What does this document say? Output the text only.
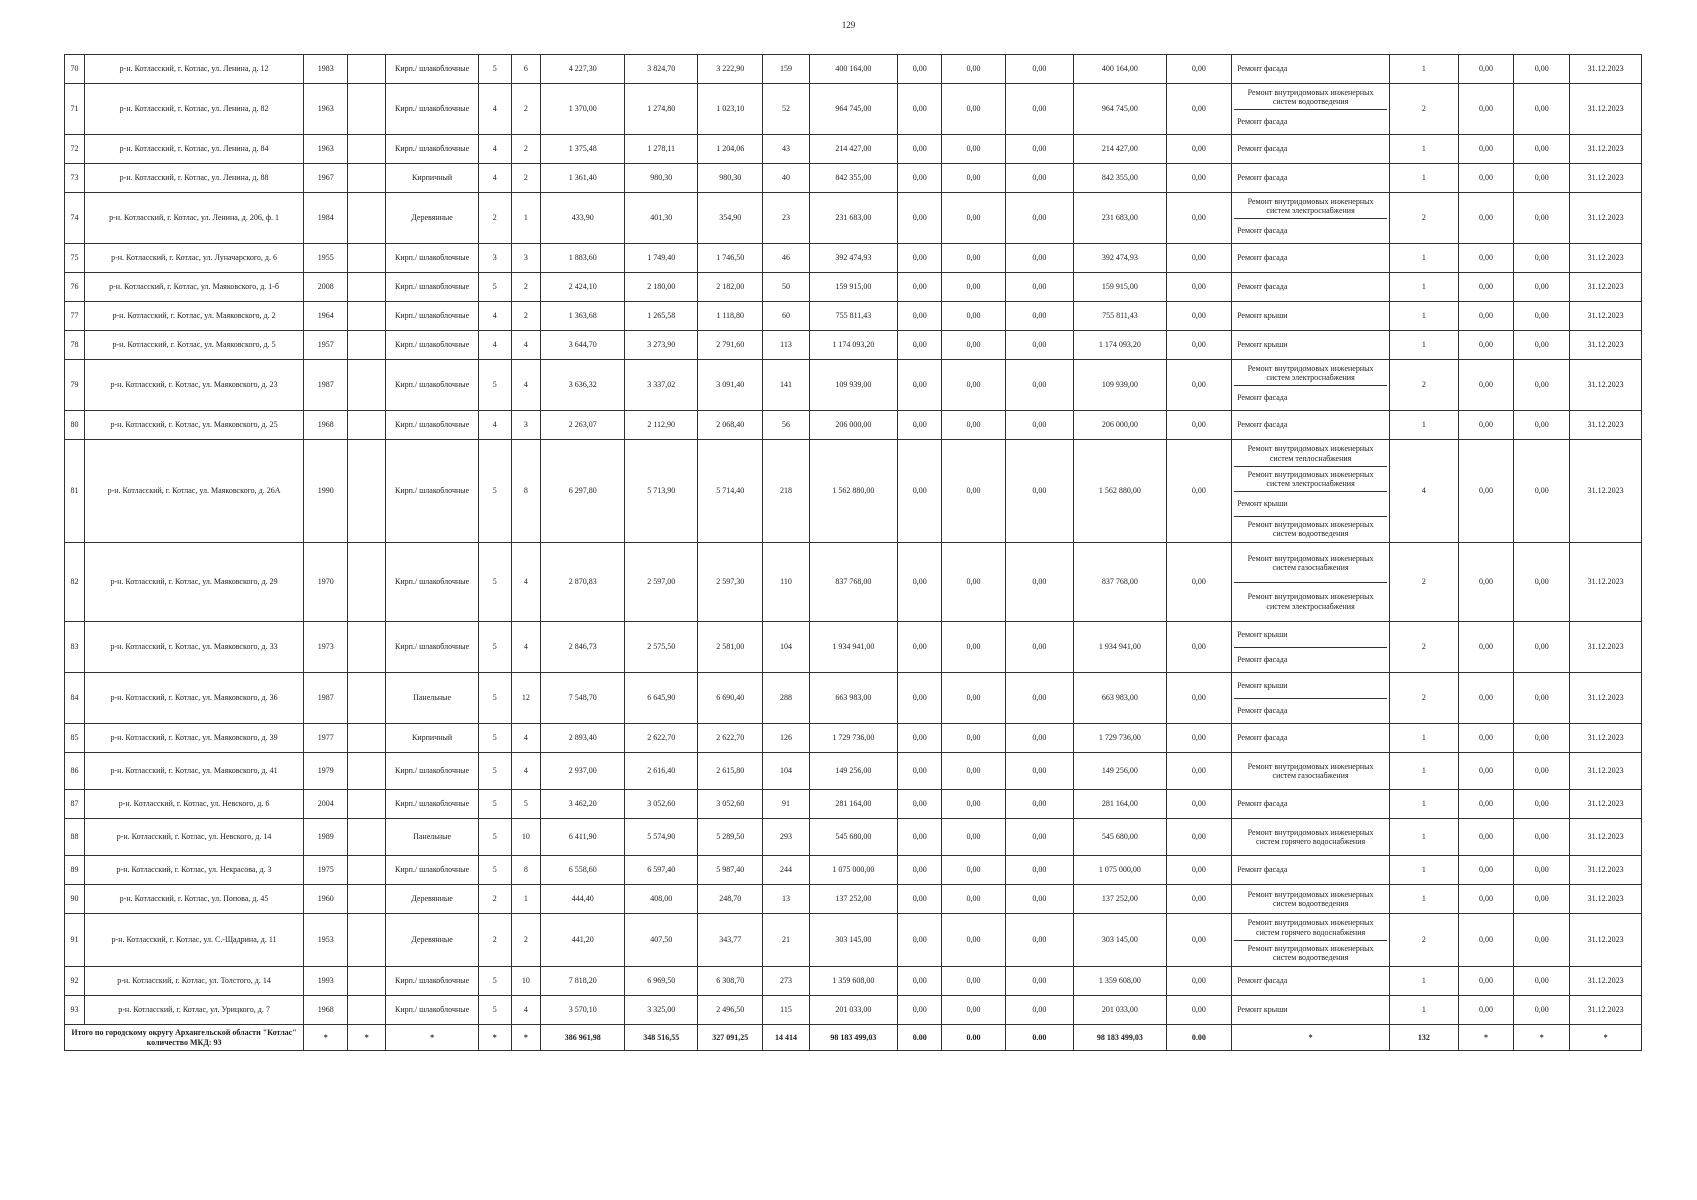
129
70	р-н. Котласский, г. Котлас, ул. Ленина, д. 12	1983		Кирп./ шлакоблочные	5	6	4 227,30	3 824,70	3 222,90	159	400 164,00	0,00	0,00	0,00	400 164,00	0,00	Ремонт фасада	1	0,00	0,00	31.12.2023
71	р-н. Котласский, г. Котлас, ул. Ленина, д. 82	1963		Кирп./ шлакоблочные	4	2	1 370,00	1 274,80	1 023,10	52	964 745,00	0,00	0,00	0,00	964 745,00	0,00	Ремонт внутридомовых инженерных систем водоотведения
Ремонт фасада	2	0,00	0,00	31.12.2023
72	р-н. Котласский, г. Котлас, ул. Ленина, д. 84	1963		Кирп./ шлакоблочные	4	2	1 375,48	1 278,11	1 204,06	43	214 427,00	0,00	0,00	0,00	214 427,00	0,00	Ремонт фасада	1	0,00	0,00	31.12.2023
73	р-н. Котласский, г. Котлас, ул. Ленина, д. 88	1967		Кирпичный	4	2	1 361,40	980,30	980,30	40	842 355,00	0,00	0,00	0,00	842 355,00	0,00	Ремонт фасада	1	0,00	0,00	31.12.2023
74	р-н. Котласский, г. Котлас, ул. Ленина, д. 206, ф. 1	1984		Деревянные	2	1	433,90	401,30	354,90	23	231 683,00	0,00	0,00	0,00	231 683,00	0,00	Ремонт внутридомовых инженерных систем электроснабжения
Ремонт фасада	2	0,00	0,00	31.12.2023
75	р-н. Котласский, г. Котлас, ул. Луначарского, д. 6	1955		Кирп./ шлакоблочные	3	3	1 883,60	1 749,40	1 746,50	46	392 474,93	0,00	0,00	0,00	392 474,93	0,00	Ремонт фасада	1	0,00	0,00	31.12.2023
76	р-н. Котласский, г. Котлас, ул. Маяковского, д. 1-б	2008		Кирп./ шлакоблочные	5	2	2 424,10	2 180,00	2 182,00	50	159 915,00	0,00	0,00	0,00	159 915,00	0,00	Ремонт фасада	1	0,00	0,00	31.12.2023
77	р-н. Котласский, г. Котлас, ул. Маяковского, д. 2	1964		Кирп./ шлакоблочные	4	2	1 363,68	1 265,58	1 118,80	60	755 811,43	0,00	0,00	0,00	755 811,43	0,00	Ремонт крыши	1	0,00	0,00	31.12.2023
78	р-н. Котласский, г. Котлас, ул. Маяковского, д. 5	1957		Кирп./ шлакоблочные	4	4	3 644,70	3 273,90	2 791,60	113	1 174 093,20	0,00	0,00	0,00	1 174 093,20	0,00	Ремонт крыши	1	0,00	0,00	31.12.2023
79	р-н. Котласский, г. Котлас, ул. Маяковского, д. 23	1987		Кирп./ шлакоблочные	5	4	3 636,32	3 337,02	3 091,40	141	109 939,00	0,00	0,00	0,00	109 939,00	0,00	Ремонт внутридомовых инженерных систем электроснабжения
Ремонт фасада	2	0,00	0,00	31.12.2023
80	р-н. Котласский, г. Котлас, ул. Маяковского, д. 25	1968		Кирп./ шлакоблочные	4	3	2 263,07	2 112,90	2 068,40	56	206 000,00	0,00	0,00	0,00	206 000,00	0,00	Ремонт фасада	1	0,00	0,00	31.12.2023
81	р-н. Котласский, г. Котлас, ул. Маяковского, д. 26А	1990		Кирп./ шлакоблочные	5	8	6 297,80	5 713,90	5 714,40	218	1 562 880,00	0,00	0,00	0,00	1 562 880,00	0,00	Ремонт внутридомовых инженерных систем теплоснабжения
Ремонт внутридомовых инженерных систем электроснабжения
Ремонт крыши
Ремонт внутридомовых инженерных систем водоотведения	4	0,00	0,00	31.12.2023
82	р-н. Котласский, г. Котлас, ул. Маяковского, д. 29	1970		Кирп./ шлакоблочные	5	4	2 870,83	2 597,00	2 597,30	110	837 768,00	0,00	0,00	0,00	837 768,00	0,00	Ремонт внутридомовых инженерных систем газоснабжения
Ремонт внутридомовых инженерных систем электроснабжения	2	0,00	0,00	31.12.2023
83	р-н. Котласский, г. Котлас, ул. Маяковского, д. 33	1973		Кирп./ шлакоблочные	5	4	2 846,73	2 575,50	2 581,00	104	1 934 941,00	0,00	0,00	0,00	1 934 941,00	0,00	Ремонт крыши
Ремонт фасада	2	0,00	0,00	31.12.2023
84	р-н. Котласский, г. Котлас, ул. Маяковского, д. 36	1987		Панельные	5	12	7 548,70	6 645,90	6 690,40	288	663 983,00	0,00	0,00	0,00	663 983,00	0,00	Ремонт крыши
Ремонт фасада	2	0,00	0,00	31.12.2023
85	р-н. Котласский, г. Котлас, ул. Маяковского, д. 39	1977		Кирпичный	5	4	2 893,40	2 622,70	2 622,70	126	1 729 736,00	0,00	0,00	0,00	1 729 736,00	0,00	Ремонт фасада	1	0,00	0,00	31.12.2023
86	р-н. Котласский, г. Котлас, ул. Маяковского, д. 41	1979		Кирп./ шлакоблочные	5	4	2 937,00	2 616,40	2 615,80	104	149 256,00	0,00	0,00	0,00	149 256,00	0,00	Ремонт внутридомовых инженерных систем газоснабжения	1	0,00	0,00	31.12.2023
87	р-н. Котласский, г. Котлас, ул. Невского, д. 6	2004		Кирп./ шлакоблочные	5	5	3 462,20	3 052,60	3 052,60	91	281 164,00	0,00	0,00	0,00	281 164,00	0,00	Ремонт фасада	1	0,00	0,00	31.12.2023
88	р-н. Котласский, г. Котлас, ул. Невского, д. 14	1989		Панельные	5	10	6 411,90	5 574,90	5 289,50	293	545 680,00	0,00	0,00	0,00	545 680,00	0,00	Ремонт внутридомовых инженерных систем горячего водоснабжения	1	0,00	0,00	31.12.2023
89	р-н. Котласский, г. Котлас, ул. Некрасова, д. 3	1975		Кирп./ шлакоблочные	5	8	6 558,60	6 597,40	5 987,40	244	1 075 000,00	0,00	0,00	0,00	1 075 000,00	0,00	Ремонт фасада	1	0,00	0,00	31.12.2023
90	р-н. Котласский, г. Котлас, ул. Попова, д. 45	1960		Деревянные	2	1	444,40	408,00	248,70	13	137 252,00	0,00	0,00	0,00	137 252,00	0,00	Ремонт внутридомовых инженерных систем водоотведения	1	0,00	0,00	31.12.2023
91	р-н. Котласский, г. Котлас, ул. С.-Щадрина, д. 11	1953		Деревянные	2	2	441,20	407,50	343,77	21	303 145,00	0,00	0,00	0,00	303 145,00	0,00	Ремонт внутридомовых инженерных систем горячего водоснабжения
Ремонт внутридомовых инженерных систем водоотведения	2	0,00	0,00	31.12.2023
92	р-н. Котласский, г. Котлас, ул. Толстого, д. 14	1993		Кирп./ шлакоблочные	5	10	7 818,20	6 969,50	6 308,70	273	1 359 608,00	0,00	0,00	0,00	1 359 608,00	0,00	Ремонт фасада	1	0,00	0,00	31.12.2023
93	р-н. Котласский, г. Котлас, ул. Урицкого, д. 7	1968		Кирп./ шлакоблочные	5	4	3 570,10	3 325,00	2 496,50	115	201 033,00	0,00	0,00	0,00	201 033,00	0,00	Ремонт крыши	1	0,00	0,00	31.12.2023
Итого по городскому округу Архангельской области "Котлас" количество МКД: 93		*	*	*	*	*	386 961,98	348 516,55	327 091,25	14 414	98 183 499,03	0.00	0.00	0.00	98 183 499,03	0.00	*	132	*	*	*
